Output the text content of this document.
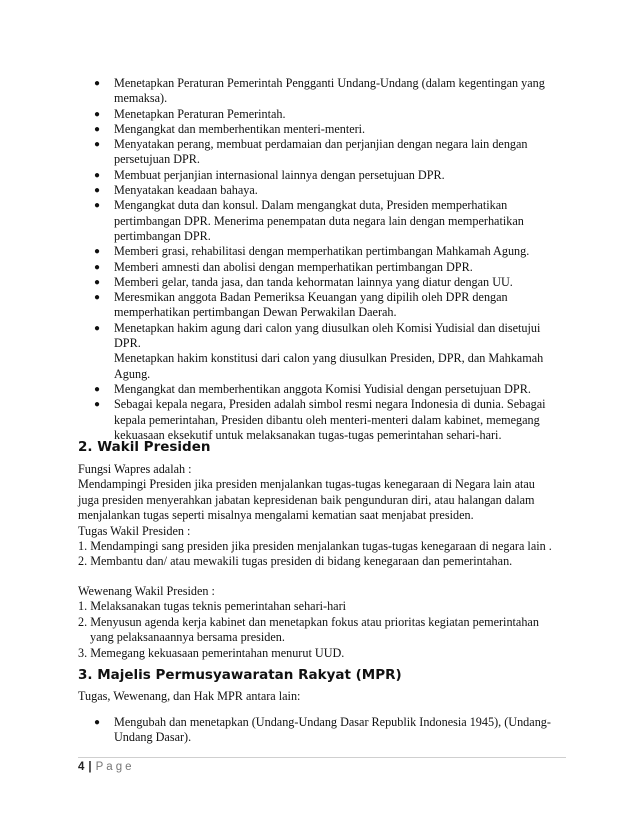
● Menetapkan Peraturan Pemerintah Pengganti Undang-Undang (dalam kegentingan yang
memaksa).
● Menetapkan Peraturan Pemerintah.
● Mengangkat dan memberhentikan menteri-menteri.
● Menyatakan perang, membuat perdamaian dan perjanjian dengan negara lain dengan
persetujuan DPR.
● Membuat perjanjian internasional lainnya dengan persetujuan DPR.
● Menyatakan keadaan bahaya.
● Mengangkat duta dan konsul. Dalam mengangkat duta, Presiden memperhatikan
pertimbangan DPR. Menerima penempatan duta negara lain dengan memperhatikan
pertimbangan DPR.
● Memberi grasi, rehabilitasi dengan memperhatikan pertimbangan Mahkamah Agung.
● Memberi amnesti dan abolisi dengan memperhatikan pertimbangan DPR.
● Memberi gelar, tanda jasa, dan tanda kehormatan lainnya yang diatur dengan UU.
● Meresmikan anggota Badan Pemeriksa Keuangan yang dipilih oleh DPR dengan
memperhatikan pertimbangan Dewan Perwakilan Daerah.
● Menetapkan hakim agung dari calon yang diusulkan oleh Komisi Yudisial dan disetujui
DPR.
Menetapkan hakim konstitusi dari calon yang diusulkan Presiden, DPR, dan Mahkamah
Agung.
● Mengangkat dan memberhentikan anggota Komisi Yudisial dengan persetujuan DPR.
● Sebagai kepala negara, Presiden adalah simbol resmi negara Indonesia di dunia. Sebagai
kepala pemerintahan, Presiden dibantu oleh menteri-menteri dalam kabinet, memegang
kekuasaan eksekutif untuk melaksanakan tugas-tugas pemerintahan sehari-hari.
2. Wakil Presiden
Fungsi Wapres adalah :
Mendampingi Presiden jika presiden menjalankan tugas-tugas kenegaraan di Negara lain atau
juga presiden menyerahkan jabatan kepresidenan baik pengunduran diri, atau halangan dalam
menjalankan tugas seperti misalnya mengalami kematian saat menjabat presiden.
Tugas Wakil Presiden :
1. Mendampingi sang presiden jika presiden menjalankan tugas-tugas kenegaraan di negara lain .
2. Membantu dan/ atau mewakili tugas presiden di bidang kenegaraan dan pemerintahan.
Wewenang Wakil Presiden :
1. Melaksanakan tugas teknis pemerintahan sehari-hari
2. Menyusun agenda kerja kabinet dan menetapkan fokus atau prioritas kegiatan pemerintahan
yang pelaksanaannya bersama presiden.
3. Memegang kekuasaan pemerintahan menurut UUD.
3. Majelis Permusyawaratan Rakyat (MPR)
Tugas, Wewenang, dan Hak MPR antara lain:
● Mengubah dan menetapkan (Undang-Undang Dasar Republik Indonesia 1945), (Undang-
Undang Dasar).
4 | Page
